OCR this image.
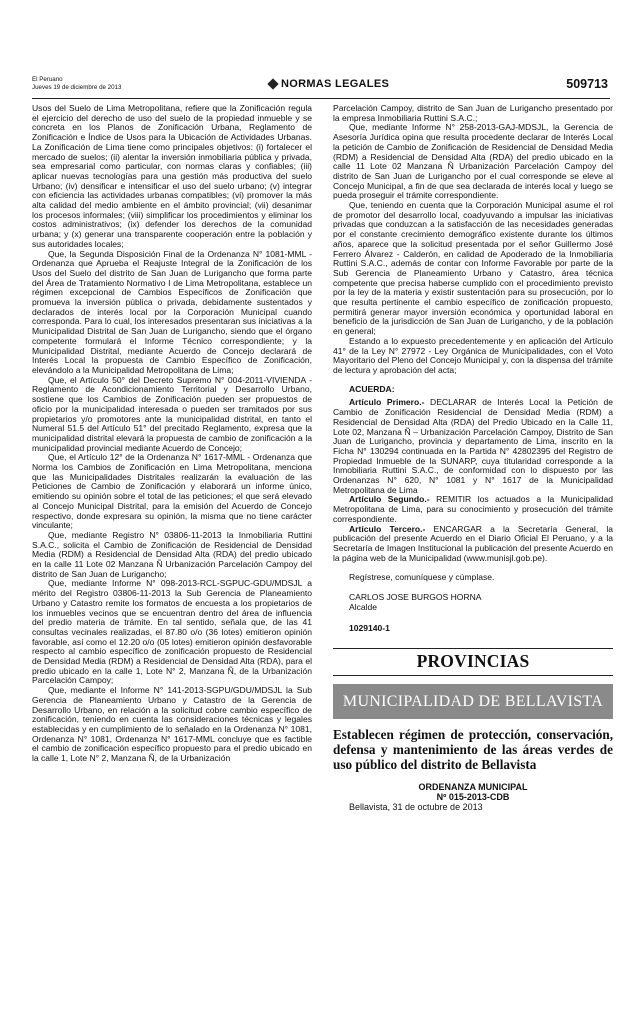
El Peruano
Jueves 19 de diciembre de 2013	NORMAS LEGALES	509713

Usos del Suelo de Lima Metropolitana, refiere que la Zonificación regula el ejercicio del derecho de uso del suelo de la propiedad inmueble y se concreta en los Planos de Zonificación Urbana, Reglamento de Zonificación e Índice de Usos para la Ubicación de Actividades Urbanas. La Zonificación de Lima tiene como principales objetivos: (i) fortalecer el mercado de suelos; (ii) alentar la inversión inmobiliaria pública y privada, sea empresarial como particular, con normas claras y confiables; (iii) aplicar nuevas tecnologías para una gestión más productiva del suelo Urbano; (iv) densificar e intensificar el uso del suelo urbano; (v) integrar con eficiencia las actividades urbanas compatibles; (vi) promover la más alta calidad del medio ambiente en el ámbito provincial; (vii) desanimar los procesos informales; (viii) simplificar los procedimientos y eliminar los costos administrativos; (ix) defender los derechos de la comunidad urbana; y (x) generar una transparente cooperación entre la población y sus autoridades locales;

Que, la Segunda Disposición Final de la Ordenanza N° 1081-MML - Ordenanza que Aprueba el Reajuste Integral de la Zonificación de los Usos del Suelo del distrito de San Juan de Lurigancho que forma parte del Área de Tratamiento Normativo I de Lima Metropolitana, establece un régimen excepcional de Cambios Específicos de Zonificación que promueva la inversión pública o privada, debidamente sustentados y declarados de interés local por la Corporación Municipal cuando corresponda. Para lo cual, los interesados presentaran sus iniciativas a la Municipalidad Distrital de San Juan de Lurigancho, siendo que el órgano competente formulará el Informe Técnico correspondiente; y la Municipalidad Distrital, mediante Acuerdo de Concejo declarará de Interés Local la propuesta de Cambio Específico de Zonificación, elevándolo a la Municipalidad Metropolitana de Lima;

Que, el Artículo 50° del Decreto Supremo N° 004-2011-VIVIENDA - Reglamento de Acondicionamiento Territorial y Desarrollo Urbano, sostiene que los Cambios de Zonificación pueden ser propuestos de oficio por la municipalidad interesada o pueden ser tramitados por sus propietarios y/o promotores ante la municipalidad distrital, en tanto el Numeral 51.5 del Artículo 51° del precitado Reglamento, expresa que la municipalidad distrital elevará la propuesta de cambio de zonificación a la municipalidad provincial mediante Acuerdo de Concejo;

Que, el Artículo 12° de la Ordenanza N° 1617-MML - Ordenanza que Norma los Cambios de Zonificación en Lima Metropolitana, menciona que las Municipalidades Distritales realizarán la evaluación de las Peticiones de Cambio de Zonificación y elaborará un informe único, emitiendo su opinión sobre el total de las peticiones; el que será elevado al Concejo Municipal Distrital, para la emisión del Acuerdo de Concejo respectivo, donde expresara su opinión, la misma que no tiene carácter vinculante;

Que, mediante Registro N° 03806-11-2013 la Inmobiliaria Ruttini S.A.C., solicita el Cambio de Zonificación de Residencial de Densidad Media (RDM) a Residencial de Densidad Alta (RDA) del predio ubicado en la calle 11 Lote 02 Manzana Ñ Urbanización Parcelación Campoy del distrito de San Juan de Lurigancho;

Que, mediante Informe N° 098-2013-RCL-SGPUC-GDU/MDSJL a mérito del Registro 03806-11-2013 la Sub Gerencia de Planeamiento Urbano y Catastro remite los formatos de encuesta a los propietarios de los inmuebles vecinos que se encuentran dentro del área de influencia del predio materia de trámite. En tal sentido, señala que, de las 41 consultas vecinales realizadas, el 87.80 o/o (36 lotes) emitieron opinión favorable, así como el 12.20 o/o (05 lotes) emitieron opinión desfavorable respecto al cambio específico de zonificación propuesto de Residencial de Densidad Media (RDM) a Residencial de Densidad Alta (RDA), para el predio ubicado en la calle 1, Lote N° 2, Manzana Ñ, de la Urbanización Parcelación Campoy;

Que, mediante el Informe N° 141-2013-SGPU/GDU/MDSJL la Sub Gerencia de Planeamiento Urbano y Catastro de la Gerencia de Desarrollo Urbano, en relación a la solicitud cobre cambio específico de zonificación, teniendo en cuenta las consideraciones técnicas y legales establecidas y en cumplimiento de lo señalado en la Ordenanza N° 1081, Ordenanza N° 1081, Ordenanza N° 1617-MML concluye que es factible el cambio de zonificación específico propuesto para el predio ubicado en la calle 1, Lote N° 2, Manzana Ñ, de la Urbanización

Parcelación Campoy, distrito de San Juan de Lurigancho presentado por la empresa Inmobiliaria Ruttini S.A.C.;

Que, mediante Informe N° 258-2013-GAJ-MDSJL, la Gerencia de Asesoría Jurídica opina que resulta procedente declarar de Interés Local la petición de Cambio de Zonificación de Residencial de Densidad Media (RDM) a Residencial de Densidad Alta (RDA) del predio ubicado en la calle 11 Lote 02 Manzana Ñ Urbanización Parcelación Campoy del distrito de San Juan de Lurigancho por el cual corresponde se eleve al Concejo Municipal, a fin de que sea declarada de interés local y luego se pueda proseguir el trámite correspondiente.

Que, teniendo en cuenta que la Corporación Municipal asume el rol de promotor del desarrollo local, coadyuvando a impulsar las iniciativas privadas que conduzcan a la satisfacción de las necesidades generadas por el constante crecimiento demográfico existente durante los últimos años, aparece que la solicitud presentada por el señor Guillermo José Ferrero Álvarez - Calderón, en calidad de Apoderado de la Inmobiliaria Ruttini S.A.C., además de contar con Informe Favorable por parte de la Sub Gerencia de Planeamiento Urbano y Catastro, área técnica competente que precisa haberse cumplido con el procedimiento previsto por la ley de la materia y existir sustentación para su prosecución, por lo que resulta pertinente el cambio específico de zonificación propuesto, permitirá generar mayor inversión económica y oportunidad laboral en beneficio de la jurisdicción de San Juan de Lurigancho, y de la población en general;

Estando a lo expuesto precedentemente y en aplicación del Artículo 41° de la Ley N° 27972 - Ley Orgánica de Municipalidades, con el Voto Mayoritario del Pleno del Concejo Municipal y, con la dispensa del trámite de lectura y aprobación del acta;

ACUERDA:

Artículo Primero.- DECLARAR de Interés Local la Petición de Cambio de Zonificación Residencial de Densidad Media (RDM) a Residencial de Densidad Alta (RDA) del Predio Ubicado en la Calle 11, Lote 02, Manzana Ñ – Urbanización Parcelación Campoy, Distrito de San Juan de Lurigancho, provincia y departamento de Lima, inscrito en la Ficha N° 130294 continuada en la Partida N° 42802395 del Registro de Propiedad Inmueble de la SUNARP, cuya titularidad corresponde a la Inmobiliaria Ruttini S.A.C., de conformidad con lo dispuesto por las Ordenanzas N° 620, N° 1081 y N° 1617 de la Municipalidad Metropolitana de Lima

Artículo Segundo.- REMITIR los actuados a la Municipalidad Metropolitana de Lima, para su conocimiento y prosecución del trámite correspondiente.

Artículo Tercero.- ENCARGAR a la Secretaría General, la publicación del presente Acuerdo en el Diario Oficial El Peruano, y a la Secretaría de Imagen Institucional la publicación del presente Acuerdo en la página web de la Municipalidad (www.munisjl.gob.pe).

Regístrese, comuníquese y cúmplase.

CARLOS JOSE BURGOS HORNA

Alcalde

1029140-1

PROVINCIAS
MUNICIPALIDAD DE BELLAVISTA
Establecen régimen de protección, conservación, defensa y mantenimiento de las áreas verdes de uso público del distrito de Bellavista
ORDENANZA MUNICIPAL
Nº 015-2013-CDB

Bellavista, 31 de octubre de 2013
